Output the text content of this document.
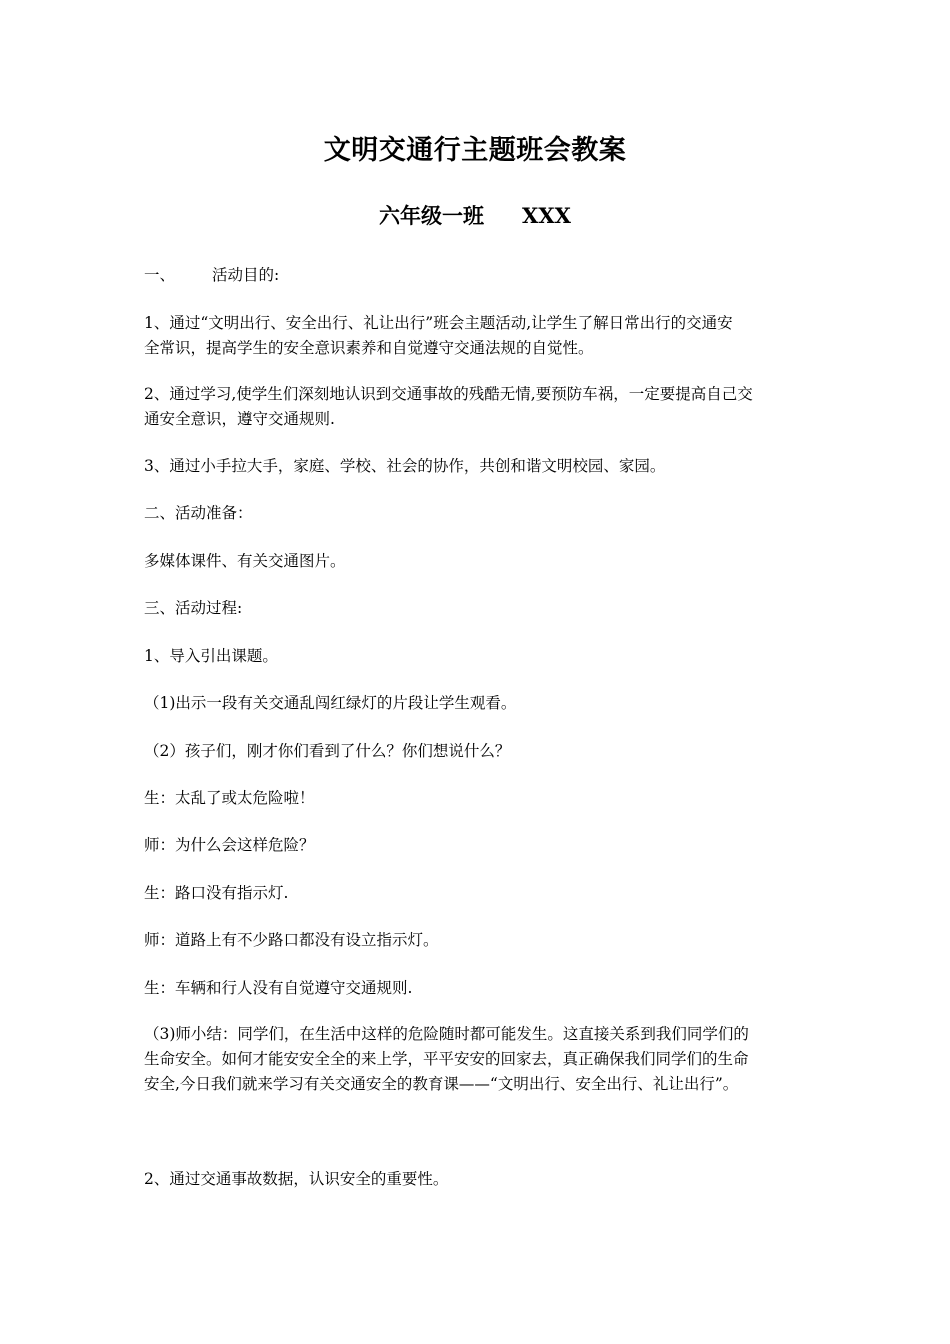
文明交通行主题班会教案
六年级一班 XXX
一、 活动目的:
1、通过“文明出行、安全出行、礼让出行”班会主题活动,让学生了解日常出行的交通安
全常识，提高学生的安全意识素养和自觉遵守交通法规的自觉性。
2、通过学习,使学生们深刻地认识到交通事故的残酷无情,要预防车祸，一定要提高自己交
通安全意识，遵守交通规则.
3、通过小手拉大手，家庭、学校、社会的协作，共创和谐文明校园、家园。
二、活动准备：
多媒体课件、有关交通图片。
三、活动过程:
1、导入引出课题。
（1)出示一段有关交通乱闯红绿灯的片段让学生观看。
（2）孩子们，刚才你们看到了什么？你们想说什么？
生：太乱了或太危险啦！
师：为什么会这样危险？
生：路口没有指示灯.
师：道路上有不少路口都没有设立指示灯。
生：车辆和行人没有自觉遵守交通规则.
（3)师小结：同学们，在生活中这样的危险随时都可能发生。这直接关系到我们同学们的
生命安全。如何才能安安全全的来上学，平平安安的回家去，真正确保我们同学们的生命
安全,今日我们就来学习有关交通安全的教育课——“文明出行、安全出行、礼让出行”。
2、通过交通事故数据，认识安全的重要性。
